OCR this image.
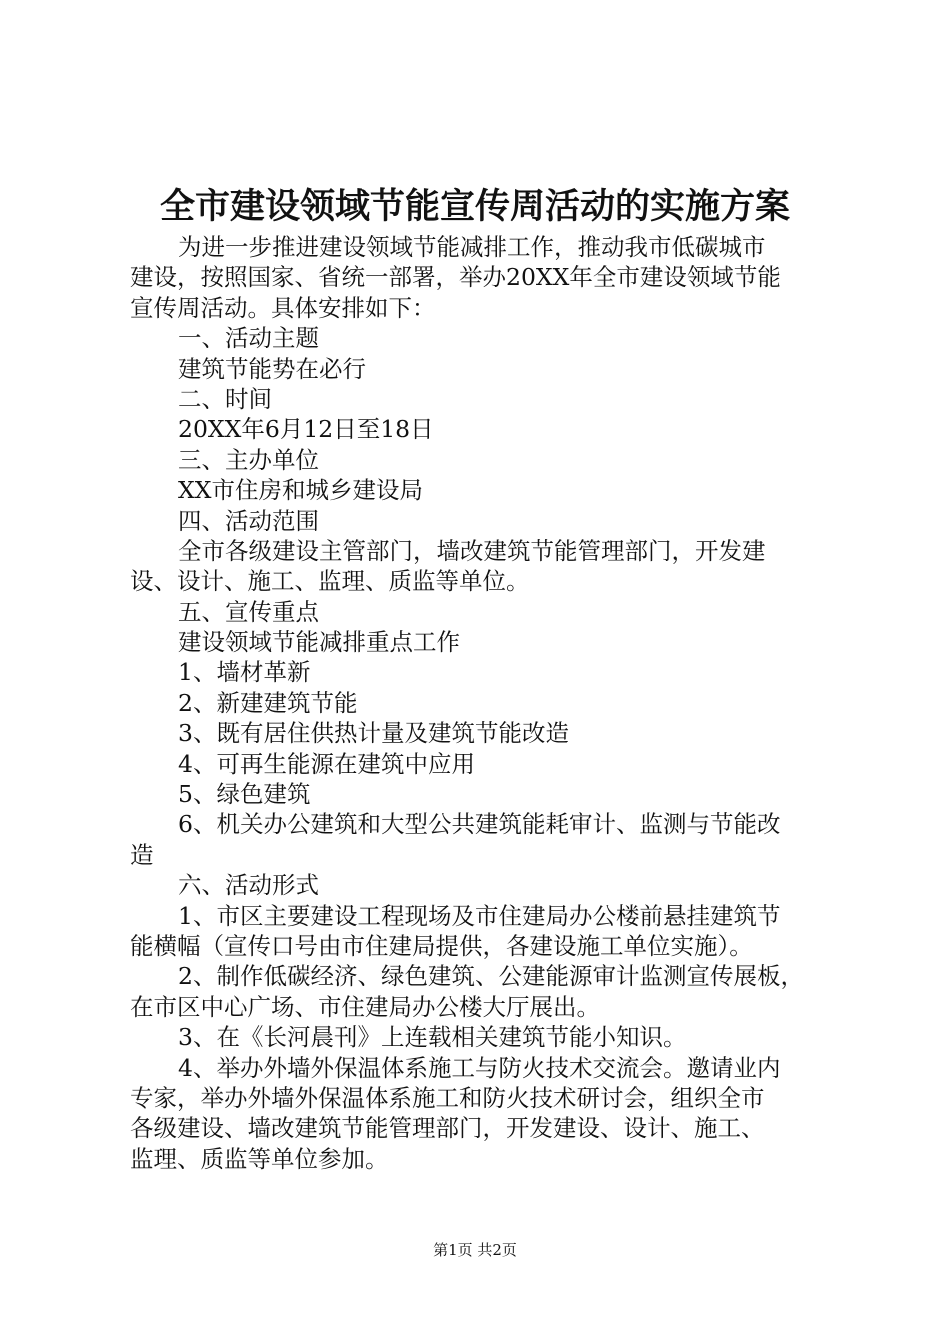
全市建设领域节能宣传周活动的实施方案
为进一步推进建设领域节能减排工作，推动我市低碳城市
建设，按照国家、省统一部署，举办20XX年全市建设领域节能
宣传周活动。具体安排如下：
一、活动主题
建筑节能势在必行
二、时间
20XX年6月12日至18日
三、主办单位
XX市住房和城乡建设局
四、活动范围
全市各级建设主管部门，墙改建筑节能管理部门，开发建
设、设计、施工、监理、质监等单位。
五、宣传重点
建设领域节能减排重点工作
1、墙材革新
2、新建建筑节能
3、既有居住供热计量及建筑节能改造
4、可再生能源在建筑中应用
5、绿色建筑
6、机关办公建筑和大型公共建筑能耗审计、监测与节能改
造
六、活动形式
1、市区主要建设工程现场及市住建局办公楼前悬挂建筑节
能横幅（宣传口号由市住建局提供，各建设施工单位实施）。
2、制作低碳经济、绿色建筑、公建能源审计监测宣传展板，
在市区中心广场、市住建局办公楼大厅展出。
3、在《长河晨刊》上连载相关建筑节能小知识。
4、举办外墙外保温体系施工与防火技术交流会。邀请业内
专家，举办外墙外保温体系施工和防火技术研讨会，组织全市
各级建设、墙改建筑节能管理部门，开发建设、设计、施工、
监理、质监等单位参加。
第1页 共2页
